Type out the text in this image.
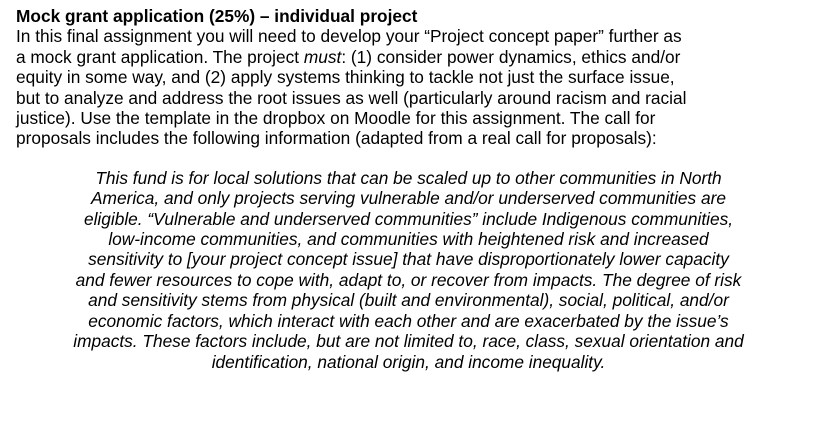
Mock grant application (25%) – individual project

In this final assignment you will need to develop your “Project concept paper” further as

a mock grant application. The project must: (1) consider power dynamics, ethics and/or

equity in some way, and (2) apply systems thinking to tackle not just the surface issue,

but to analyze and address the root issues as well (particularly around racism and racial

justice). Use the template in the dropbox on Moodle for this assignment. The call for

proposals includes the following information (adapted from a real call for proposals):

This fund is for local solutions that can be scaled up to other communities in North

America, and only projects serving vulnerable and/or underserved communities are

eligible. “Vulnerable and underserved communities” include Indigenous communities,

low-income communities, and communities with heightened risk and increased

sensitivity to [your project concept issue] that have disproportionately lower capacity

and fewer resources to cope with, adapt to, or recover from impacts. The degree of risk

and sensitivity stems from physical (built and environmental), social, political, and/or

economic factors, which interact with each other and are exacerbated by the issue’s

impacts. These factors include, but are not limited to, race, class, sexual orientation and

identification, national origin, and income inequality.
